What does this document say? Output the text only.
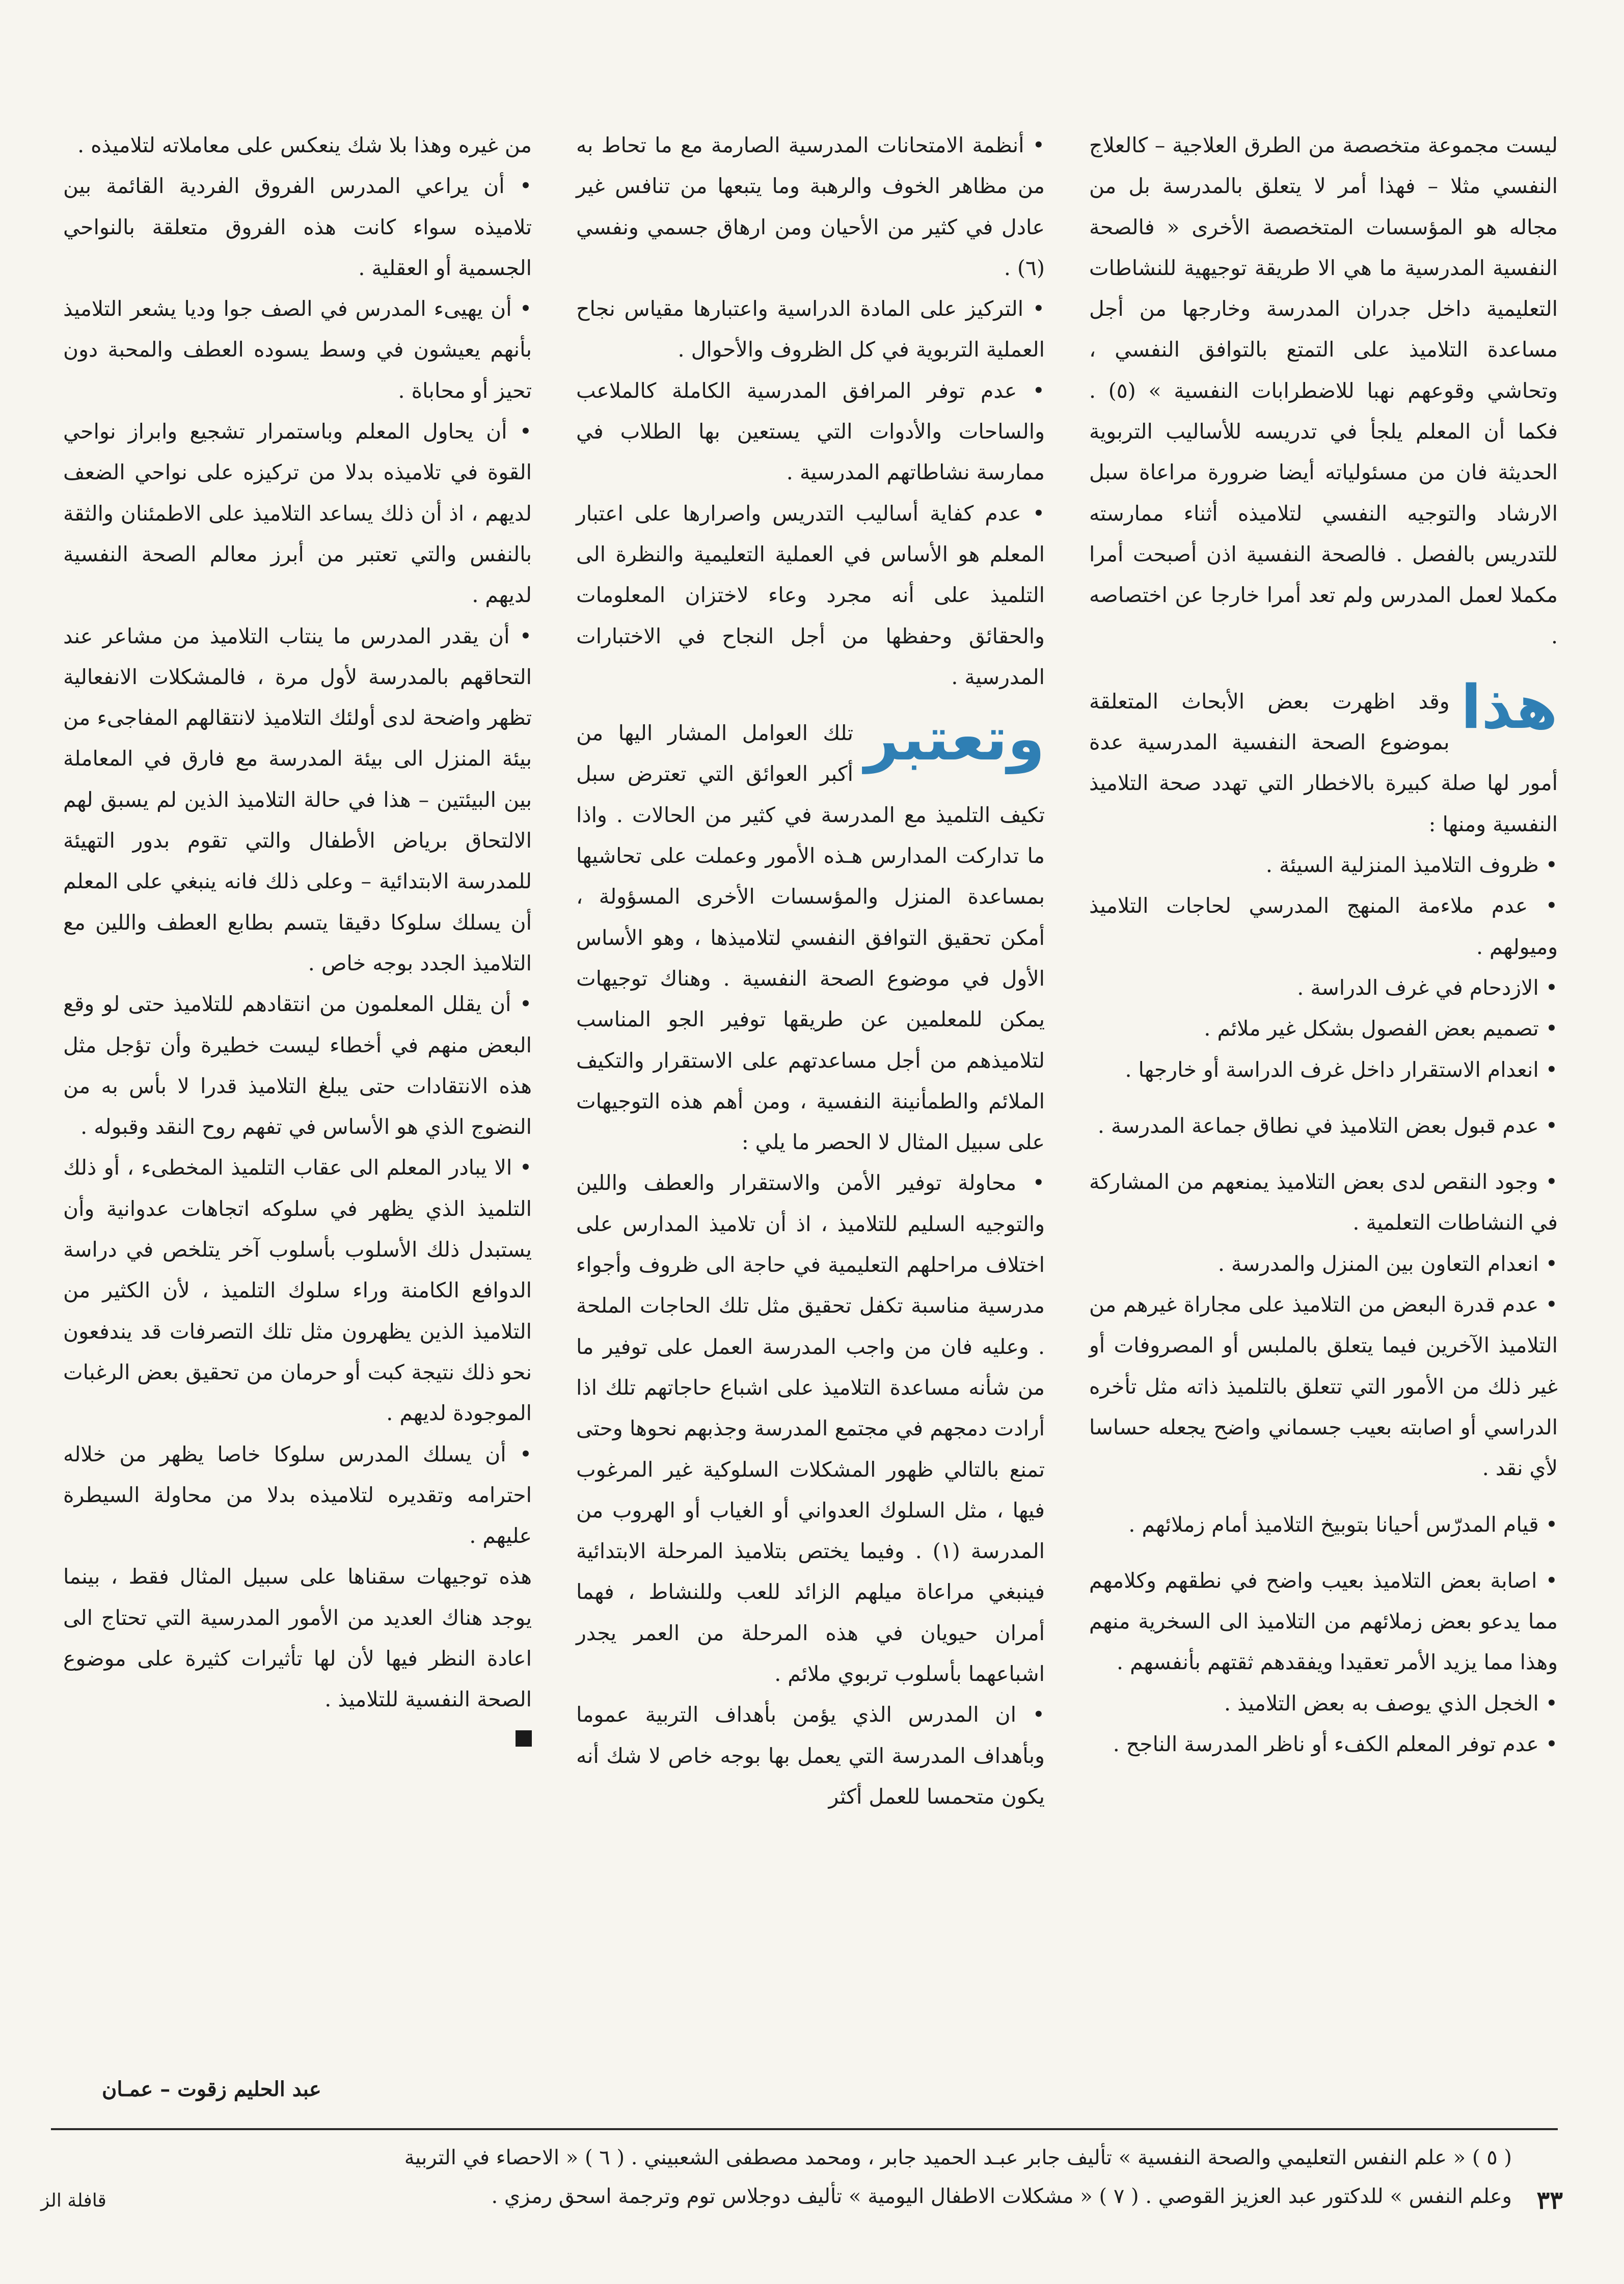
ليست مجموعة متخصصة من الطرق العلاجية – كالعلاج النفسي مثلا – فهذا أمر لا يتعلق بالمدرسة بل من مجاله هو المؤسسات المتخصصة الأخرى « فالصحة النفسية المدرسية ما هي الا طريقة توجيهية للنشاطات التعليمية داخل جدران المدرسة وخارجها من أجل مساعدة التلاميذ على التمتع بالتوافق النفسي ، وتحاشي وقوعهم نهبا للاضطرابات النفسية » (٥) . فكما أن المعلم يلجأ في تدريسه للأساليب التربوية الحديثة فان من مسئولياته أيضا ضرورة مراعاة سبل الارشاد والتوجيه النفسي لتلاميذه أثناء ممارسته للتدريس بالفصل . فالصحة النفسية اذن أصبحت أمرا مكملا لعمل المدرس ولم تعد أمرا خارجا عن اختصاصه .

هذا
وقد اظهرت بعض الأبحاث المتعلقة بموضوع الصحة النفسية المدرسية عدة أمور لها صلة كبيرة بالاخطار التي تهدد صحة التلاميذ النفسية ومنها :

• ظروف التلاميذ المنزلية السيئة .

• عدم ملاءمة المنهج المدرسي لحاجات التلاميذ وميولهم .

• الازدحام في غرف الدراسة .

• تصميم بعض الفصول بشكل غير ملائم .

• انعدام الاستقرار داخل غرف الدراسة أو خارجها .

• عدم قبول بعض التلاميذ في نطاق جماعة المدرسة .

• وجود النقص لدى بعض التلاميذ يمنعهم من المشاركة في النشاطات التعلمية .

• انعدام التعاون بين المنزل والمدرسة .

• عدم قدرة البعض من التلاميذ على مجاراة غيرهم من التلاميذ الآخرين فيما يتعلق بالملبس أو المصروفات أو غير ذلك من الأمور التي تتعلق بالتلميذ ذاته مثل تأخره الدراسي أو اصابته بعيب جسماني واضح يجعله حساسا لأي نقد .

• قيام المدرّس أحيانا بتوبيخ التلاميذ أمام زملائهم .

• اصابة بعض التلاميذ بعيب واضح في نطقهم وكلامهم مما يدعو بعض زملائهم من التلاميذ الى السخرية منهم وهذا مما يزيد الأمر تعقيدا ويفقدهم ثقتهم بأنفسهم .

• الخجل الذي يوصف به بعض التلاميذ .

• عدم توفر المعلم الكفء أو ناظر المدرسة الناجح .

• أنظمة الامتحانات المدرسية الصارمة مع ما تحاط به من مظاهر الخوف والرهبة وما يتبعها من تنافس غير عادل في كثير من الأحيان ومن ارهاق جسمي ونفسي (٦) .

• التركيز على المادة الدراسية واعتبارها مقياس نجاح العملية التربوية في كل الظروف والأحوال .

• عدم توفر المرافق المدرسية الكاملة كالملاعب والساحات والأدوات التي يستعين بها الطلاب في ممارسة نشاطاتهم المدرسية .

• عدم كفاية أساليب التدريس واصرارها على اعتبار المعلم هو الأساس في العملية التعليمية والنظرة الى التلميذ على أنه مجرد وعاء لاختزان المعلومات والحقائق وحفظها من أجل النجاح في الاختبارات المدرسية .

وتعتبر
تلك العوامل المشار اليها من أكبر العوائق التي تعترض سبل تكيف التلميذ مع المدرسة في كثير من الحالات . واذا ما تداركت المدارس هـذه الأمور وعملت على تحاشيها بمساعدة المنزل والمؤسسات الأخرى المسؤولة ، أمكن تحقيق التوافق النفسي لتلاميذها ، وهو الأساس الأول في موضوع الصحة النفسية . وهناك توجيهات يمكن للمعلمين عن طريقها توفير الجو المناسب لتلاميذهم من أجل مساعدتهم على الاستقرار والتكيف الملائم والطمأنينة النفسية ، ومن أهم هذه التوجيهات على سبيل المثال لا الحصر ما يلي :

• محاولة توفير الأمن والاستقرار والعطف واللين والتوجيه السليم للتلاميذ ، اذ أن تلاميذ المدارس على اختلاف مراحلهم التعليمية في حاجة الى ظروف وأجواء مدرسية مناسبة تكفل تحقيق مثل تلك الحاجات الملحة . وعليه فان من واجب المدرسة العمل على توفير ما من شأنه مساعدة التلاميذ على اشباع حاجاتهم تلك اذا أرادت دمجهم في مجتمع المدرسة وجذبهم نحوها وحتى تمنع بالتالي ظهور المشكلات السلوكية غير المرغوب فيها ، مثل السلوك العدواني أو الغياب أو الهروب من المدرسة (١) . وفيما يختص بتلاميذ المرحلة الابتدائية فينبغي مراعاة ميلهم الزائد للعب وللنشاط ، فهما أمران حيويان في هذه المرحلة من العمر يجدر اشباعهما بأسلوب تربوي ملائم .

• ان المدرس الذي يؤمن بأهداف التربية عموما وبأهداف المدرسة التي يعمل بها بوجه خاص لا شك أنه يكون متحمسا للعمل أكثر

من غيره وهذا بلا شك ينعكس على معاملاته لتلاميذه .

• أن يراعي المدرس الفروق الفردية القائمة بين تلاميذه سواء كانت هذه الفروق متعلقة بالنواحي الجسمية أو العقلية .

• أن يهيىء المدرس في الصف جوا وديا يشعر التلاميذ بأنهم يعيشون في وسط يسوده العطف والمحبة دون تحيز أو محاباة .

• أن يحاول المعلم وباستمرار تشجيع وابراز نواحي القوة في تلاميذه بدلا من تركيزه على نواحي الضعف لديهم ، اذ أن ذلك يساعد التلاميذ على الاطمئنان والثقة بالنفس والتي تعتبر من أبرز معالم الصحة النفسية لديهم .

• أن يقدر المدرس ما ينتاب التلاميذ من مشاعر عند التحاقهم بالمدرسة لأول مرة ، فالمشكلات الانفعالية تظهر واضحة لدى أولئك التلاميذ لانتقالهم المفاجىء من بيئة المنزل الى بيئة المدرسة مع فارق في المعاملة بين البيئتين – هذا في حالة التلاميذ الذين لم يسبق لهم الالتحاق برياض الأطفال والتي تقوم بدور التهيئة للمدرسة الابتدائية – وعلى ذلك فانه ينبغي على المعلم أن يسلك سلوكا دقيقا يتسم بطابع العطف واللين مع التلاميذ الجدد بوجه خاص .

• أن يقلل المعلمون من انتقادهم للتلاميذ حتى لو وقع البعض منهم في أخطاء ليست خطيرة وأن تؤجل مثل هذه الانتقادات حتى يبلغ التلاميذ قدرا لا بأس به من النضوج الذي هو الأساس في تفهم روح النقد وقبوله .

• الا يبادر المعلم الى عقاب التلميذ المخطىء ، أو ذلك التلميذ الذي يظهر في سلوكه اتجاهات عدوانية وأن يستبدل ذلك الأسلوب بأسلوب آخر يتلخص في دراسة الدوافع الكامنة وراء سلوك التلميذ ، لأن الكثير من التلاميذ الذين يظهرون مثل تلك التصرفات قد يندفعون نحو ذلك نتيجة كبت أو حرمان من تحقيق بعض الرغبات الموجودة لديهم .

• أن يسلك المدرس سلوكا خاصا يظهر من خلاله احترامه وتقديره لتلاميذه بدلا من محاولة السيطرة عليهم .

هذه توجيهات سقناها على سبيل المثال فقط ، بينما يوجد هناك العديد من الأمور المدرسية التي تحتاج الى اعادة النظر فيها لأن لها تأثيرات كثيرة على موضوع الصحة النفسية للتلاميذ .

عبد الحليم زقوت – عمـان
( ٥ ) « علم النفس التعليمي والصحة النفسية » تأليف جابر عبـد الحميد جابر ، ومحمد مصطفى الشعبيني . ( ٦ ) « الاحصاء في التربية
وعلم النفس » للدكتور عبد العزيز القوصي . ( ٧ ) « مشكلات الاطفال اليومية » تأليف دوجلاس توم وترجمة اسحق رمزي . ٣٣
قافلة الز
